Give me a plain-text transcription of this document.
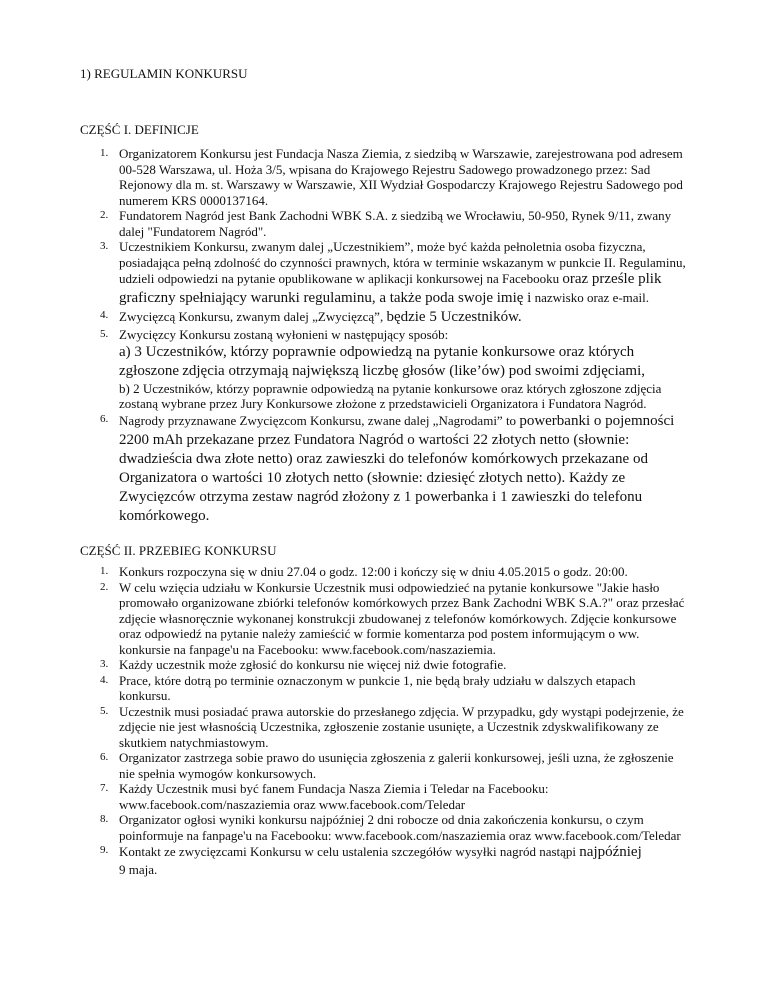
1) REGULAMIN KONKURSU
CZĘŚĆ I. DEFINICJE
1. Organizatorem Konkursu jest Fundacja Nasza Ziemia, z siedzibą w Warszawie, zarejestrowana pod adresem 00-528 Warszawa, ul. Hoża 3/5, wpisana do Krajowego Rejestru Sadowego prowadzonego przez: Sad Rejonowy dla m. st. Warszawy w Warszawie, XII Wydział Gospodarczy Krajowego Rejestru Sadowego pod numerem KRS 0000137164.
2. Fundatorem Nagród jest Bank Zachodni WBK S.A. z siedzibą we Wrocławiu, 50-950, Rynek 9/11, zwany dalej "Fundatorem Nagród".
3. Uczestnikiem Konkursu, zwanym dalej „Uczestnikiem”, może być każda pełnoletnia osoba fizyczna, posiadająca pełną zdolność do czynności prawnych, która w terminie wskazanym w punkcie II. Regulaminu, udzieli odpowiedzi na pytanie opublikowane w aplikacji konkursowej na Facebooku oraz prześle plik graficzny spełniający warunki regulaminu, a także poda swoje imię i nazwisko oraz e-mail.
4. Zwycięzcą Konkursu, zwanym dalej „Zwycięzcą”, będzie 5 Uczestników.
5. Zwycięzcy Konkursu zostaną wyłonieni w następujący sposób:
a) 3 Uczestników, którzy poprawnie odpowiedzą na pytanie konkursowe oraz których zgłoszone zdjęcia otrzymają największą liczbę głosów (like’ów) pod swoimi zdjęciami,
b) 2 Uczestników, którzy poprawnie odpowiedzą na pytanie konkursowe oraz których zgłoszone zdjęcia zostaną wybrane przez Jury Konkursowe złożone z przedstawicieli Organizatora i Fundatora Nagród.
6. Nagrody przyznawane Zwycięzcom Konkursu, zwane dalej „Nagrodami” to powerbanki o pojemności 2200 mAh przekazane przez Fundatora Nagród o wartości 22 złotych netto (słownie: dwadzieścia dwa złote netto) oraz zawieszki do telefonów komórkowych przekazane od Organizatora o wartości 10 złotych netto (słownie: dziesięć złotych netto). Każdy ze Zwycięzców otrzyma zestaw nagród złożony z 1 powerbanka i 1 zawieszki do telefonu komórkowego.
CZĘŚĆ II. PRZEBIEG KONKURSU
1. Konkurs rozpoczyna się w dniu 27.04 o godz. 12:00 i kończy się w dniu 4.05.2015 o godz. 20:00.
2. W celu wzięcia udziału w Konkursie Uczestnik musi odpowiedzieć na pytanie konkursowe "Jakie hasło promowało organizowane zbiórki telefonów komórkowych przez Bank Zachodni WBK S.A.?" oraz przesłać zdjęcie własnoręcznie wykonanej konstrukcji zbudowanej z telefonów komórkowych. Zdjęcie konkursowe oraz odpowiedź na pytanie należy zamieścić w formie komentarza pod postem informującym o ww. konkursie na fanpage'u na Facebooku: www.facebook.com/naszaziemia.
3. Każdy uczestnik może zgłosić do konkursu nie więcej niż dwie fotografie.
4. Prace, które dotrą po terminie oznaczonym w punkcie 1, nie będą brały udziału w dalszych etapach konkursu.
5. Uczestnik musi posiadać prawa autorskie do przesłanego zdjęcia. W przypadku, gdy wystąpi podejrzenie, że zdjęcie nie jest własnością Uczestnika, zgłoszenie zostanie usunięte, a Uczestnik zdyskwalifikowany ze skutkiem natychmiastowym.
6. Organizator zastrzega sobie prawo do usunięcia zgłoszenia z galerii konkursowej, jeśli uzna, że zgłoszenie nie spełnia wymogów konkursowych.
7. Każdy Uczestnik musi być fanem Fundacja Nasza Ziemia i Teledar na Facebooku: www.facebook.com/naszaziemia oraz www.facebook.com/Teledar
8. Organizator ogłosi wyniki konkursu najpóźniej 2 dni robocze od dnia zakończenia konkursu, o czym poinformuje na fanpage'u na Facebooku: www.facebook.com/naszaziemia oraz www.facebook.com/Teledar
9. Kontakt ze zwycięzcami Konkursu w celu ustalenia szczegółów wysyłki nagród nastąpi najpóźniej
9 maja.
